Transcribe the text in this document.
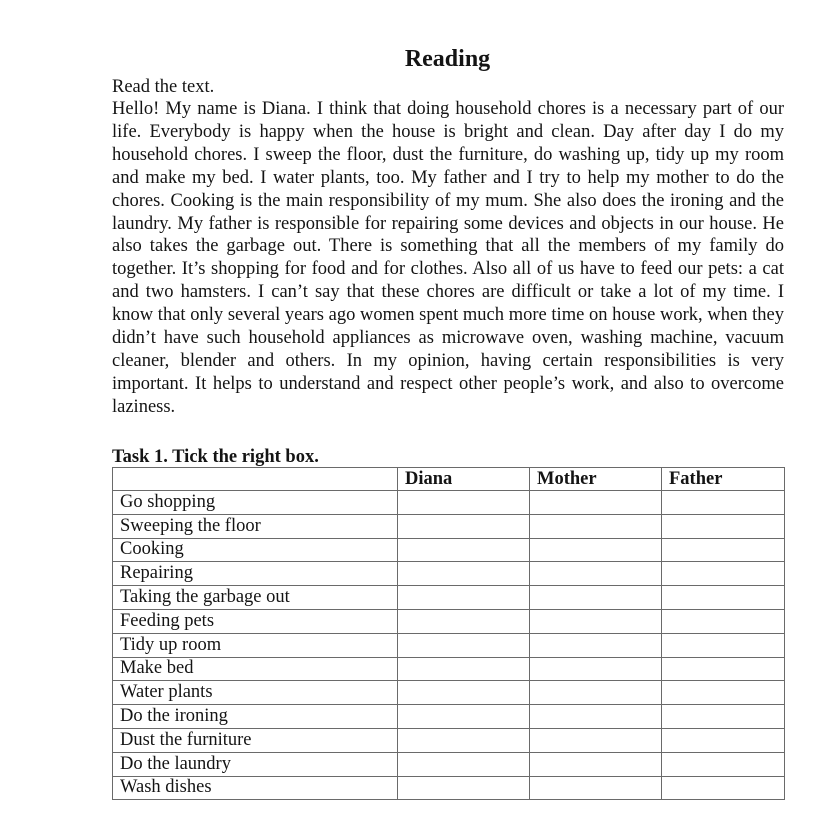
Reading
Read the text.

Hello! My name is Diana. I think that doing household chores is a necessary part of our life. Everybody is happy when the house is bright and clean. Day after day I do my household chores. I sweep the floor, dust the furniture, do washing up, tidy up my room and make my bed. I water plants, too. My father and I try to help my mother to do the chores. Cooking is the main responsibility of my mum. She also does the ironing and the laundry. My father is responsible for repairing some devices and objects in our house. He also takes the garbage out. There is something that all the members of my family do together. It’s shopping for food and for clothes. Also all of us have to feed our pets: a cat and two hamsters. I can’t say that these chores are difficult or take a lot of my time. I know that only several years ago women spent much more time on house work, when they didn’t have such household appliances as microwave oven, washing machine, vacuum cleaner, blender and others. In my opinion, having certain responsibilities is very important. It helps to understand and respect other people’s work, and also to overcome laziness.

Task 1. Tick the right box.
	Diana	Mother	Father
Go shopping			
Sweeping the floor			
Cooking			
Repairing			
Taking the garbage out			
Feeding pets			
Tidy up room			
Make bed			
Water plants			
Do the ironing			
Dust the furniture			
Do the laundry			
Wash dishes			
